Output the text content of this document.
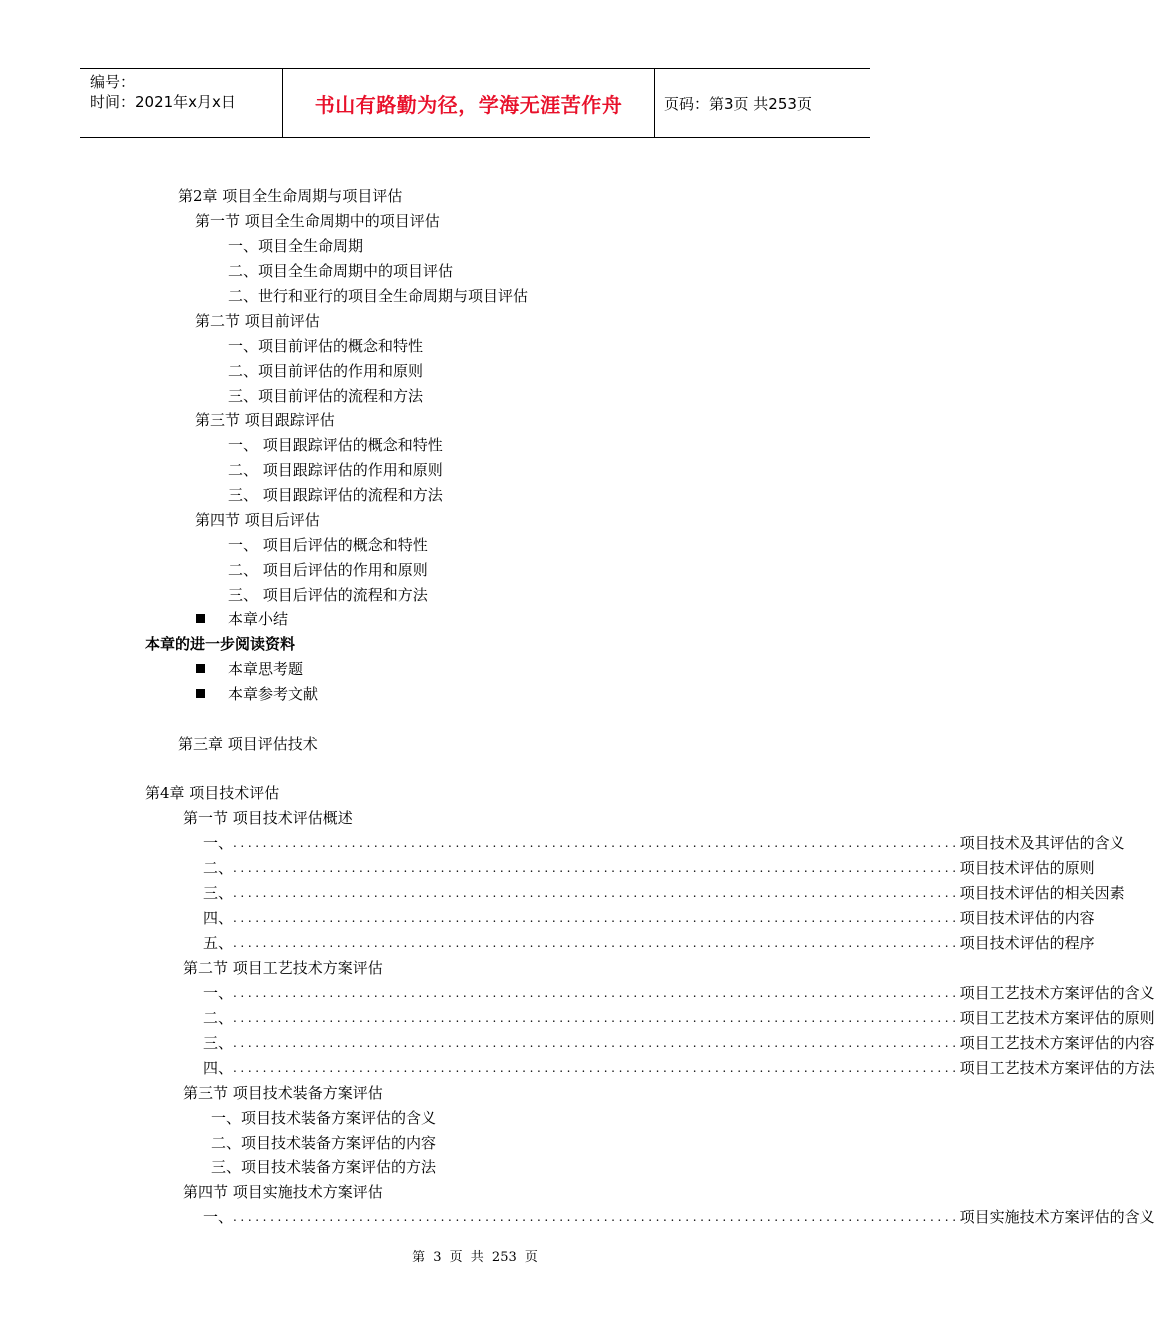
编号：
时间：2021年x月x日	书山有路勤为径，学海无涯苦作舟	页码：第3页 共253页
第2章 项目全生命周期与项目评估
第一节 项目全生命周期中的项目评估
一、项目全生命周期
二、项目全生命周期中的项目评估
二、世行和亚行的项目全生命周期与项目评估
第二节 项目前评估
一、项目前评估的概念和特性
二、项目前评估的作用和原则
三、项目前评估的流程和方法
第三节 项目跟踪评估
一、 项目跟踪评估的概念和特性
二、 项目跟踪评估的作用和原则
三、 项目跟踪评估的流程和方法
第四节 项目后评估
一、 项目后评估的概念和特性
二、 项目后评估的作用和原则
三、 项目后评估的流程和方法
本章小结
本章的进一步阅读资料
本章思考题
本章参考文献
第三章 项目评估技术
第4章 项目技术评估
第一节 项目技术评估概述
一、 .................................................................................................. 项目技术及其评估的含义
二、 .................................................................................................. 项目技术评估的原则
三、 .................................................................................................. 项目技术评估的相关因素
四、 .................................................................................................. 项目技术评估的内容
五、 .................................................................................................. 项目技术评估的程序
第二节 项目工艺技术方案评估
一、 .................................................................................................. 项目工艺技术方案评估的含义
二、 .................................................................................................. 项目工艺技术方案评估的原则
三、 .................................................................................................. 项目工艺技术方案评估的内容
四、 .................................................................................................. 项目工艺技术方案评估的方法
第三节 项目技术装备方案评估
一、项目技术装备方案评估的含义
二、项目技术装备方案评估的内容
三、项目技术装备方案评估的方法
第四节 项目实施技术方案评估
一、 .................................................................................................. 项目实施技术方案评估的含义
第 3 页 共 253 页
